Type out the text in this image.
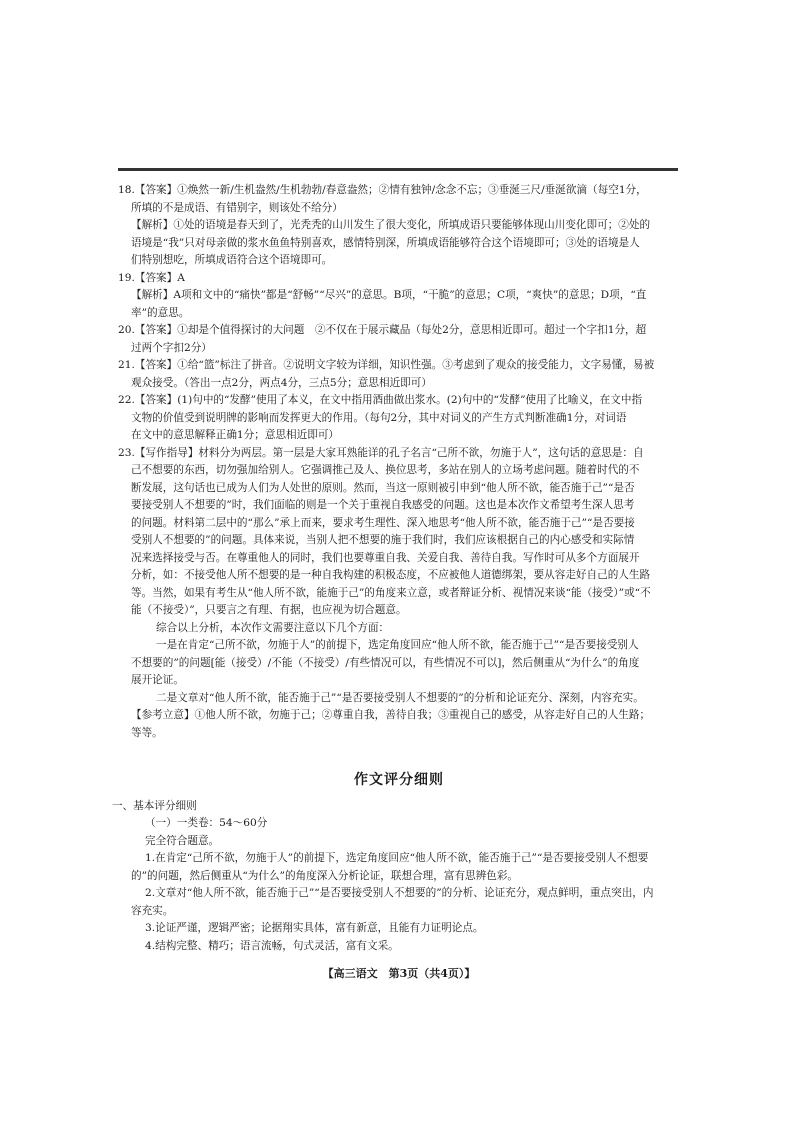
18.【答案】①焕然一新/生机盎然/生机勃勃/春意盎然；②情有独钟/念念不忘；③垂涎三尺/垂涎欲滴（每空1分，
所填的不是成语、有错别字，则该处不给分）
【解析】①处的语境是春天到了，光秃秃的山川发生了很大变化，所填成语只要能够体现山川变化即可；②处的
语境是“我”只对母亲做的浆水鱼鱼特别喜欢，感情特别深，所填成语能够符合这个语境即可；③处的语境是人
们特别想吃，所填成语符合这个语境即可。
19.【答案】A
【解析】A项和文中的“痛快”都是“舒畅”“尽兴”的意思。B项，“干脆”的意思；C项，“爽快”的意思；D项，“直
率”的意思。
20.【答案】①却是个值得探讨的大问题　②不仅在于展示藏品（每处2分，意思相近即可。超过一个字扣1分，超
过两个字扣2分）
21.【答案】①给“篮”标注了拼音。②说明文字较为详细，知识性强。③考虑到了观众的接受能力，文字易懂，易被
观众接受。（答出一点2分，两点4分，三点5分；意思相近即可）
22.【答案】(1)句中的“发酵”使用了本义，在文中指用酒曲做出浆水。(2)句中的“发酵”使用了比喻义，在文中指
文物的价值受到说明牌的影响而发挥更大的作用。（每句2分，其中对词义的产生方式判断准确1分，对词语
在文中的意思解释正确1分；意思相近即可）
23.【写作指导】材料分为两层。第一层是大家耳熟能详的孔子名言“己所不欲，勿施于人”，这句话的意思是：自
己不想要的东西，切勿强加给别人。它强调推己及人、换位思考，多站在别人的立场考虑问题。随着时代的不
断发展，这句话也已成为人们为人处世的原则。然而，当这一原则被引申到“他人所不欲，能否施于己”“是否
要接受别人不想要的”时，我们面临的则是一个关于重视自我感受的问题。这也是本次作文希望考生深人思考
的问题。材料第二层中的“那么”承上而来，要求考生理性、深入地思考“他人所不欲，能否施于己”“是否要接
受别人不想要的”的问题。具体来说，当别人把不想要的施于我们时，我们应该根据自己的内心感受和实际情
况来选择接受与否。在尊重他人的同时，我们也要尊重自我、关爱自我、善待自我。写作时可从多个方面展开
分析，如：不接受他人所不想要的是一种自我构建的积极态度，不应被他人道德绑架，要从容走好自己的人生路
等。当然，如果有考生从“他人所不欲，能施于己”的角度来立意，或者辩证分析、视情况来谈“能（接受）”或“不
能（不接受）”，只要言之有理、有据，也应视为切合题意。
综合以上分析，本次作文需要注意以下几个方面：
一是在肯定“己所不欲，勿施于人”的前提下，选定角度回应“他人所不欲，能否施于己”“是否要接受别人
不想要的”的问题[能（接受）/不能（不接受）/有些情况可以，有些情况不可以]，然后侧重从“为什么”的角度
展开论证。
二是文章对“他人所不欲，能否施于己”“是否要接受别人不想要的”的分析和论证充分、深刻，内容充实。
【参考立意】①他人所不欲，勿施于己；②尊重自我，善待自我；③重视自己的感受，从容走好自己的人生路；
等等。
作文评分细则
一、基本评分细则
（一）一类卷：54～60分
完全符合题意。
1.在肯定“己所不欲，勿施于人”的前提下，选定角度回应“他人所不欲，能否施于己”“是否要接受别人不想要
的”的问题，然后侧重从“为什么”的角度深入分析论证，联想合理，富有思辨色彩。
2.文章对“他人所不欲，能否施于己”“是否要接受别人不想要的”的分析、论证充分，观点鲜明，重点突出，内
容充实。
3.论证严谨，逻辑严密；论据翔实具体，富有新意，且能有力证明论点。
4.结构完整、精巧；语言流畅，句式灵活，富有文采。
【高三语文　第3页（共4页）】
